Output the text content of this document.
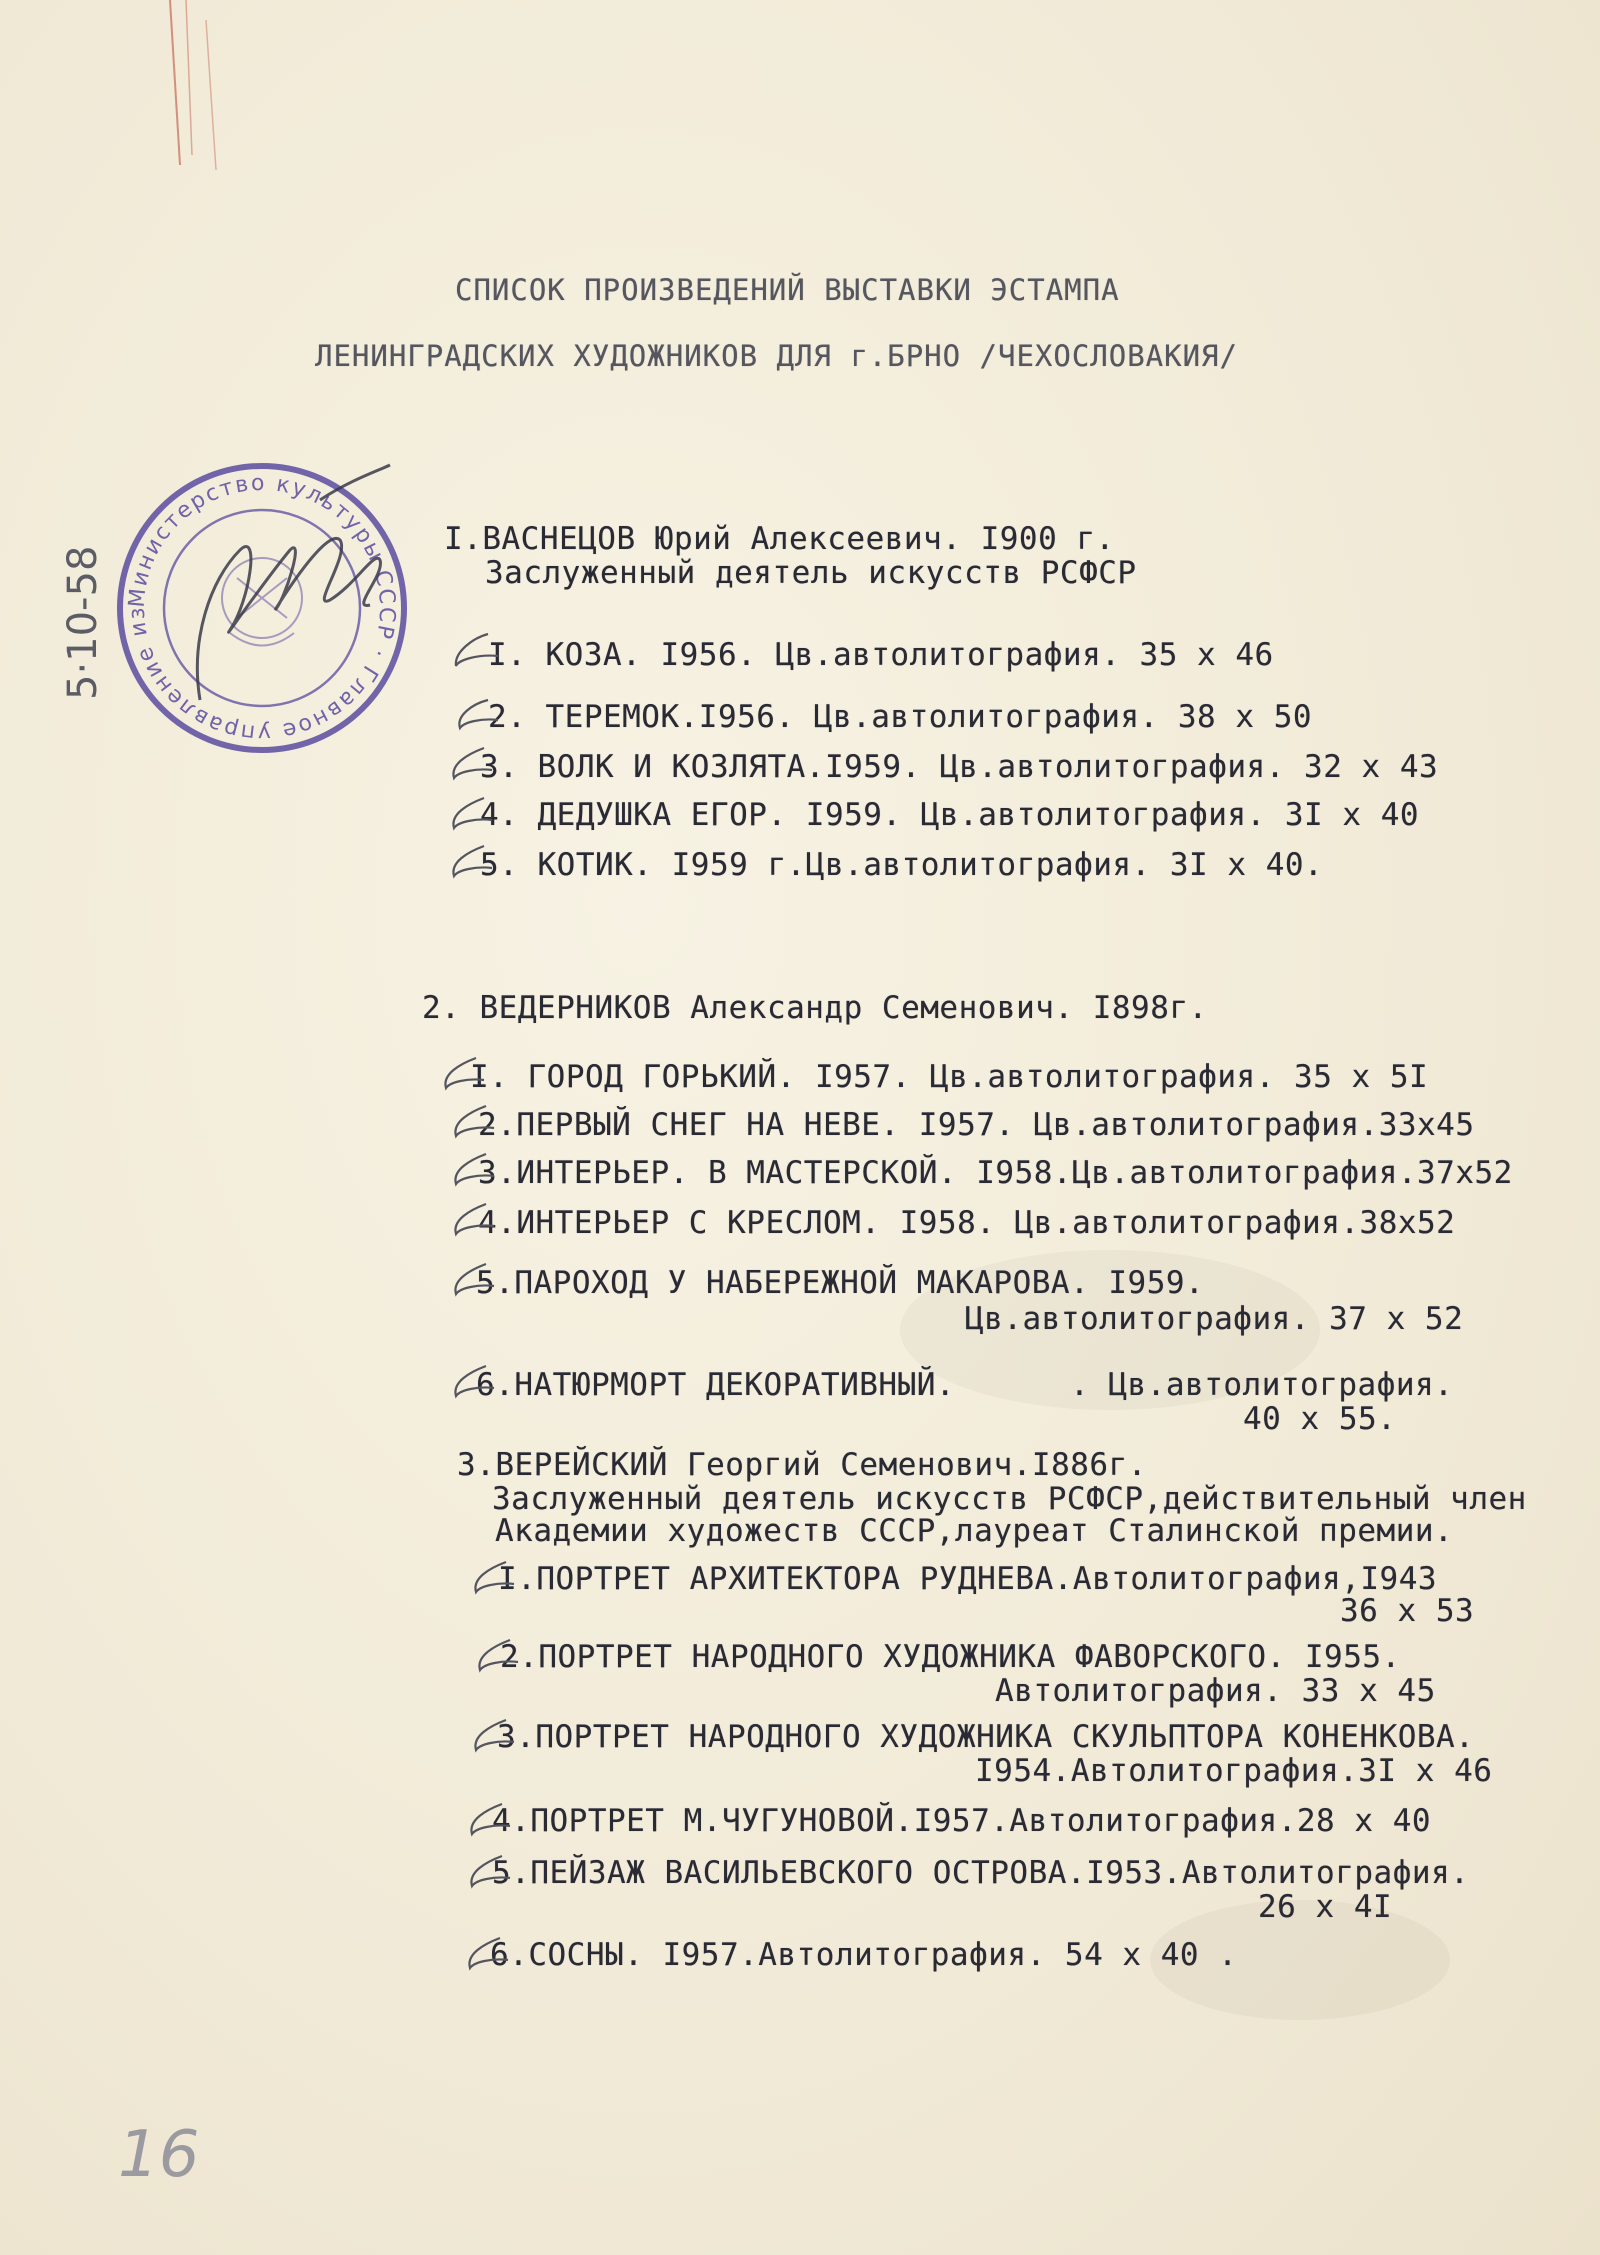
СПИСОК ПРОИЗВЕДЕНИЙ ВЫСТАВКИ ЭСТАМПА
ЛЕНИНГРАДСКИХ ХУДОЖНИКОВ ДЛЯ г.БРНО /ЧЕХОСЛОВАКИЯ/
Министерство культуры СССР · Главное управление из
5·10-58
16
I.ВАСНЕЦОВ Юрий Алексеевич. I900 г.
Заслуженный деятель искусств РСФСР
I. КОЗА. I956. Цв.автолитография. 35 x 46
2. ТЕРЕМОК.I956. Цв.автолитография. 38 x 50
3. ВОЛК И КОЗЛЯТА.I959. Цв.автолитография. 32 x 43
4. ДЕДУШКА ЕГОР. I959. Цв.автолитография. 3I x 40
5. КОТИК. I959 г.Цв.автолитография. 3I x 40.
2. ВЕДЕРНИКОВ Александр Семенович. I898г.
I. ГОРОД ГОРЬКИЙ. I957. Цв.автолитография. 35 x 5I
2.ПЕРВЫЙ СНЕГ НА НЕВЕ. I957. Цв.автолитография.33x45
3.ИНТЕРЬЕР. В МАСТЕРСКОЙ. I958.Цв.автолитография.37x52
4.ИНТЕРЬЕР С КРЕСЛОМ. I958. Цв.автолитография.38x52
5.ПАРОХОД У НАБЕРЕЖНОЙ МАКАРОВА. I959.
Цв.автолитография. 37 x 52
6.НАТЮРМОРТ ДЕКОРАТИВНЫЙ.      . Цв.автолитография.
40 x 55.
3.ВЕРЕЙСКИЙ Георгий Семенович.I886г.
Заслуженный деятель искусств РСФСР,действительный член
Академии художеств СССР,лауреат Сталинской премии.
I.ПОРТРЕТ АРХИТЕКТОРА РУДНЕВА.Автолитография,I943
36 x 53
2.ПОРТРЕТ НАРОДНОГО ХУДОЖНИКА ФАВОРСКОГО. I955.
Автолитография. 33 x 45
3.ПОРТРЕТ НАРОДНОГО ХУДОЖНИКА СКУЛЬПТОРА КОНЕНКОВА.
I954.Автолитография.3I x 46
4.ПОРТРЕТ М.ЧУГУНОВОЙ.I957.Автолитография.28 x 40
5.ПЕЙЗАЖ ВАСИЛЬЕВСКОГО ОСТРОВА.I953.Автолитография.
26 x 4I
6.СОСНЫ. I957.Автолитография. 54 x 40 .
